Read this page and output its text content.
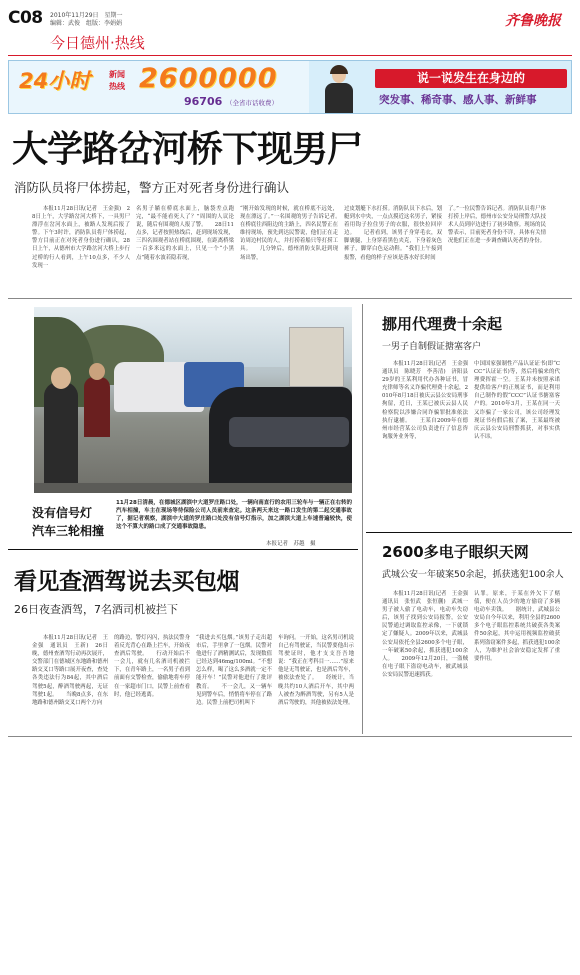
C08 2010年11月29日　星期一
编辑：武俊　组版：李娟娟
今日德州·热线
齐鲁晚报
24小时 新闻
热线 2600000
96706 （全省市话收费）
说一说发生在身边的
突发事、稀奇事、感人事、新鲜事
大学路岔河桥下现男尸
消防队员将尸体捞起，警方正对死者身份进行确认
　　本报11月28日讯(记者　王金强)　28日上午，大学路岔河大桥下，一具男尸漂浮在岔河水面上，被路人发现后报了警。下午3时许，消防队员将尸体捞起，警方目前正在对死者身份进行确认。28日上午，从德州市大学路岔河大桥上步行过桥的行人看到，上午10点多，不少人发现一
名男子躺在桥底水面上，脑袋差点跑完，“最不能看死人了？”周围的人议论说，随后有围观的人报了警。　　28日11点多，记者按照热线后，赶到现场发现，三四名围观者站在桥底围观，在距离桥梁一百多米远的水面上，只见一个“小黑点”随着水波若隐若现，
“刚开始发现的时候，就在桥底不远处，现在漂远了。”一名围观的男子告诉记者。　　在桥底往西阻边的主路上，四名民警正在维持现场，预先到达民警说，他们正在走访周边村民的人，并打捞着船只等打捞工具。　　几分钟后，德州消防支队赶到现场出警，
过皮划艇下水打捞。消防队员下水后，划艇到水中央，一点点摸近这名男子，紧接着用钩子拉住男子的衣服，很快拉回岸边。　　记者看到，该男子身穿毛衣，双脚裹腿，上身穿着黑色夹克，下身着灰色裤子，脚穿白色运动鞋。“我们上午接到报警，看他的样子应该是落水好长时间
了。”一位民警告诉记者。消防队员将尸体打捞上岸后，德州市公安分局刑警大队技术人员到岸边进行了初步勘察。现场的民警表示，目前死者身份不详，具体有关情况他们正在进一步调查确认死者的身份。
没有信号灯
汽车三轮相撞
11月28日清晨，在德城区湖滨中大道罗庄路口处，一辆向南直行的农用三轮车与一辆正在右转的汽车相撞，车主在现场等待保险公司人员前来查定。这条两天来这一路口发生的第二起交通事故了，据记者观察，湖滨中大道的罗庄路口处没有信号灯指示，加之湖滨大道上车速普遍较快，使这个不算大的路口成了交通事故隐患。
本报记者　苏越　摄
看见查酒驾说去买包烟
26日夜查酒驾，7名酒司机被拦下
　　本报11月28日讯(记者　王金强　通讯员　王新)　26日晚，德州查酒驾行动再次展开，交警部门在德城区东地路和德州路交叉口等路口展开夜查，查处各类违法行为84起，其中酒后驾驶5起，醉酒驾驶两起，无证驾驶1起。　　当晚8点多，在东地路和德州路交叉口两个方向
的路边，警灯闪闪，执法民警身着反光背心在路上拦车，开始夜查酒后驾驶。　　行动开始后不一会儿，就有几名酒司机被拦下，在青年路上，一名男子看到前面有交警检查，偷偷地将车停在一家超市门口，民警上前查看时，他已经逃离。
“我进去买包烟。”该男子走出超市后，手里拿了一包烟。民警对他进行了酒精测试后，发现数值已经达到46mg/100ml。“不想怎么样，喝了这么多酒就一定不能开车！”民警对他进行了批评教育。　　不一会儿，又一辆车见到警车后，悄悄将车停在了路边。民警上前把司机叫下
车询问。一开始，这名男司机说自己有驾驶证，当民警要他出示驾驶证时，他才支支吾吾地说：“我正在考科目一……”原来他是无驾驶证，也是酒后驾车，被依法查处了。　　经统计，当晚共约10人酒后开车，其中两人被查为醉酒驾驶，另有5人是酒后驾驶的，其他被依法处理。
挪用代理费十余起
一男子自制假证搪塞客户
　　本报11月28日讯(记者　王金强　通讯员　陈晓芳　李善清)　济阳县29岁的王某利用代办各种证书，冒充律师等名义诈骗代理费十余起，2010年8月18日被庆云县公安局刑事拘留，近日，王某已被庆云县人民检察院以涉嫌合同诈骗罪批准依法执行逮捕。　　王某自2009年在德州市经营某公司负责进行了信息咨询服务业务等，
中国国家强制性产品认证证书(即“CCC”认证证书)等，然后将骗来的代理费挥霍一空。王某并未按照承诺提供给客户的正规证书，而是利用自己制作的假“CCC”认证书搪塞客户的。2010年3月，王某在同一天又诈骗了一家公司，该公司经理发现证书有假后报了案，王某最终被庆云县公安局刑警抓获，对事实供认不讳。
2600多电子眼织天网
武城公安一年破案50余起，抓获逃犯100余人
　　本报11月28日讯(记者　王金强　通讯员　张恒武　张恒蒯)　武城一男子被人偷了电动车，电动车失窃后，该男子找到公安局报警，公安民警通过调取监控录像，一下就锁定了嫌疑人。2009年以来，武城县公安局依托全县2600多个电子眼，一年破案50余起，抓获逃犯100余人。　　2009年12月20日，一盗贼在电子眼下盗窃电动车，被武城县公安局民警迅速抓获。
认罪。原来，于某在外欠下了赌债，便在人员少的地方偷窃了多辆电动车卖钱。　　据统计，武城县公安局自今年以来，利用全县的2600多个电子眼监控系统共破获各类案件50余起，其中运用视频监控破获系列盗窃案件多起，抓获逃犯100余人，为维护社会治安稳定发挥了重要作用。
